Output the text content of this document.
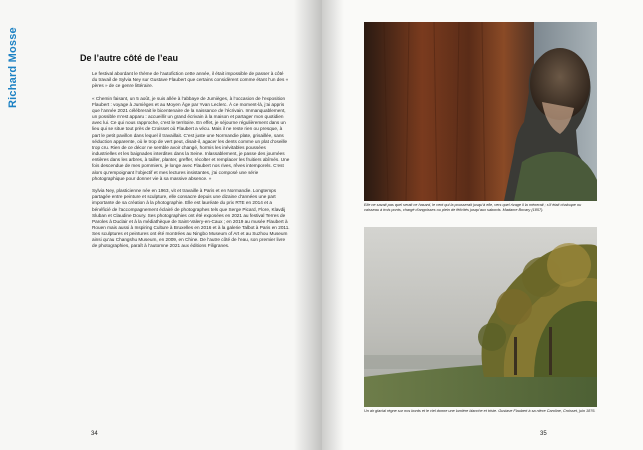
Richard Mosse	De l’autre côté de l’eau

Le festival abordant le thème de l’autofiction cette année, il était impossible de passer à côté du travail de Sylvia Ney sur Gustave Flaubert que certains considèrent comme étant l’un des « pères » de ce genre littéraire.

« Chemin faisant, un 5 août, je suis allée à l’abbaye de Jumièges, à l’occasion de l’exposition Flaubert : voyage à Jumièges et au Moyen Âge par Yvan Leclerc. À ce moment-là, j’ai appris que l’année 2021 célébrerait le bicentenaire de la naissance de l’écrivain. Immanquablement, un possible m’est apparu : accueillir un grand écrivain à la maison et partager mon quotidien avec lui. Ce qui nous rapproche, c’est le territoire. En effet, je séjourne régulièrement dans un lieu qui se situe tout près de Croisset où Flaubert a vécu. Mais il ne reste rien ou presque, à part le petit pavillon dans lequel il travaillait. C’est juste une Normandie plate, grisaillée, sans séduction apparente, où le trop de vert peut, disait-il, agacer les dents comme un plat d’oseille trop cru. Rien de ce décor ne semble avoir changé, hormis les inévitables poussées industrielles et les baignades interdites dans la Seine. Inlassablement, je passe des journées entières dans les arbres, à tailler, planter, greffer, récolter et remplacer les fruitiers abîmés. Une fois descendue de mes pommiers, je longe avec Flaubert nos rives, rêves intemporels. C’est alors qu’empoignant l’objectif et mes lectures insistantes, j’ai composé une série photographique pour donner vie à sa massive absence. »

Sylvia Ney, plasticienne née en 1963, vit et travaille à Paris et en Normandie. Longtemps partagée entre peinture et sculpture, elle consacre depuis une dizaine d’années une part importante de sa création à la photographie. Elle est lauréate du prix RTE en 2014 et a bénéficié de l’accompagnement éclairé de photographes tels que Serge Picard, Flore, Klavdij Sluban et Claudine Doury. Ses photographies ont été exposées en 2021 au festival Terres de Paroles à Duclair et à la médiathèque de Saint-Valery-en-Caux ; en 2019 au musée Flaubert à Rouen mais aussi à Inspiring Culture à Bruxelles en 2016 et à la galerie Talbot à Paris en 2011. Ses sculptures et peintures ont été montrées au Ningbo Museum of Art et au Suzhou Museum ainsi qu’au Changshu Museum, en 2009, en Chine. De l’autre côté de l’eau, son premier livre de photographies, paraît à l’automne 2021 aux éditions Filigranes.

34
Elle ne savait pas quel serait ce hasard, le vent qui la pousserait jusqu’à elle, vers quel rivage il la mènerait ; s’il était chaloupe ou vaisseau à trois ponts, chargé d’angoisses ou plein de félicités jusqu’aux sabords. Madame Bovary (1857).
Un air glacial règne sur nos bords et le ciel donne une lumière blanche et triste. Gustave Flaubert à sa nièce Caroline, Croisset, juin 1876.
35
